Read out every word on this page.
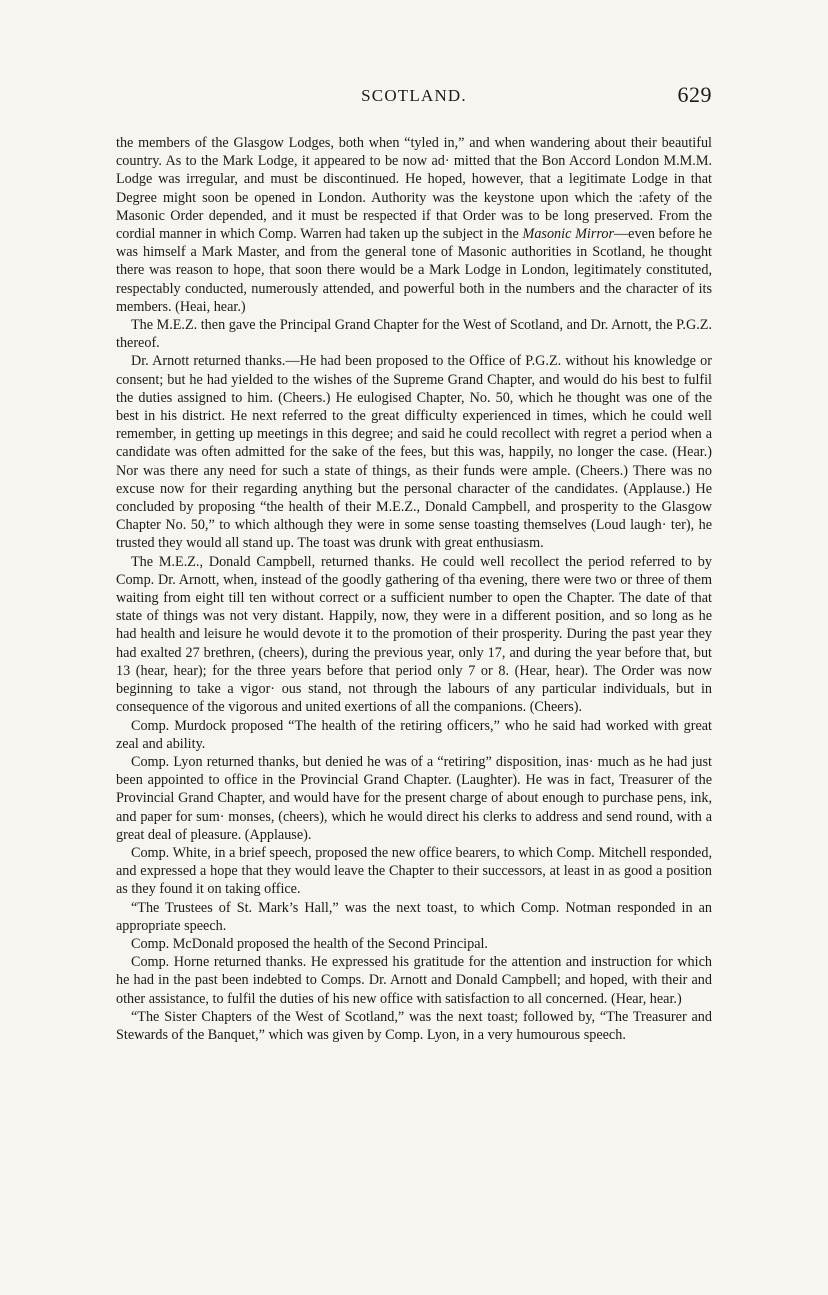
SCOTLAND.	629

the members of the Glasgow Lodges, both when “tyled in,” and when wandering about their beautiful country. As to the Mark Lodge, it appeared to be now ad· mitted that the Bon Accord London M.M.M. Lodge was irregular, and must be discontinued. He hoped, however, that a legitimate Lodge in that Degree might soon be opened in London. Authority was the keystone upon which the :afety of the Masonic Order depended, and it must be respected if that Order was to be long preserved. From the cordial manner in which Comp. Warren had taken up the subject in the Masonic Mirror—even before he was himself a Mark Master, and from the general tone of Masonic authorities in Scotland, he thought there was reason to hope, that soon there would be a Mark Lodge in London, legitimately constituted, respectably conducted, numerously attended, and powerful both in the numbers and the character of its members. (Heai, hear.)

The M.E.Z. then gave the Principal Grand Chapter for the West of Scotland, and Dr. Arnott, the P.G.Z. thereof.

Dr. Arnott returned thanks.—He had been proposed to the Office of P.G.Z. without his knowledge or consent; but he had yielded to the wishes of the Supreme Grand Chapter, and would do his best to fulfil the duties assigned to him. (Cheers.) He eulogised Chapter, No. 50, which he thought was one of the best in his district. He next referred to the great difficulty experienced in times, which he could well remember, in getting up meetings in this degree; and said he could recollect with regret a period when a candidate was often admitted for the sake of the fees, but this was, happily, no longer the case. (Hear.) Nor was there any need for such a state of things, as their funds were ample. (Cheers.) There was no excuse now for their regarding anything but the personal character of the candidates. (Applause.) He concluded by proposing “the health of their M.E.Z., Donald Campbell, and prosperity to the Glasgow Chapter No. 50,” to which although they were in some sense toasting themselves (Loud laugh· ter), he trusted they would all stand up. The toast was drunk with great enthusiasm.

The M.E.Z., Donald Campbell, returned thanks. He could well recollect the period referred to by Comp. Dr. Arnott, when, instead of the goodly gathering of tha evening, there were two or three of them waiting from eight till ten without correct or a sufficient number to open the Chapter. The date of that state of things was not very distant. Happily, now, they were in a different position, and so long as he had health and leisure he would devote it to the promotion of their prosperity. During the past year they had exalted 27 brethren, (cheers), during the previous year, only 17, and during the year before that, but 13 (hear, hear); for the three years before that period only 7 or 8. (Hear, hear). The Order was now beginning to take a vigor· ous stand, not through the labours of any particular individuals, but in consequence of the vigorous and united exertions of all the companions. (Cheers).

Comp. Murdock proposed “The health of the retiring officers,” who he said had worked with great zeal and ability.

Comp. Lyon returned thanks, but denied he was of a “retiring” disposition, inas· much as he had just been appointed to office in the Provincial Grand Chapter. (Laughter). He was in fact, Treasurer of the Provincial Grand Chapter, and would have for the present charge of about enough to purchase pens, ink, and paper for sum· monses, (cheers), which he would direct his clerks to address and send round, with a great deal of pleasure. (Applause).

Comp. White, in a brief speech, proposed the new office bearers, to which Comp. Mitchell responded, and expressed a hope that they would leave the Chapter to their successors, at least in as good a position as they found it on taking office.

“The Trustees of St. Mark’s Hall,” was the next toast, to which Comp. Notman responded in an appropriate speech.

Comp. McDonald proposed the health of the Second Principal.

Comp. Horne returned thanks. He expressed his gratitude for the attention and instruction for which he had in the past been indebted to Comps. Dr. Arnott and Donald Campbell; and hoped, with their and other assistance, to fulfil the duties of his new office with satisfaction to all concerned. (Hear, hear.)

“The Sister Chapters of the West of Scotland,” was the next toast; followed by, “The Treasurer and Stewards of the Banquet,” which was given by Comp. Lyon, in a very humourous speech.
